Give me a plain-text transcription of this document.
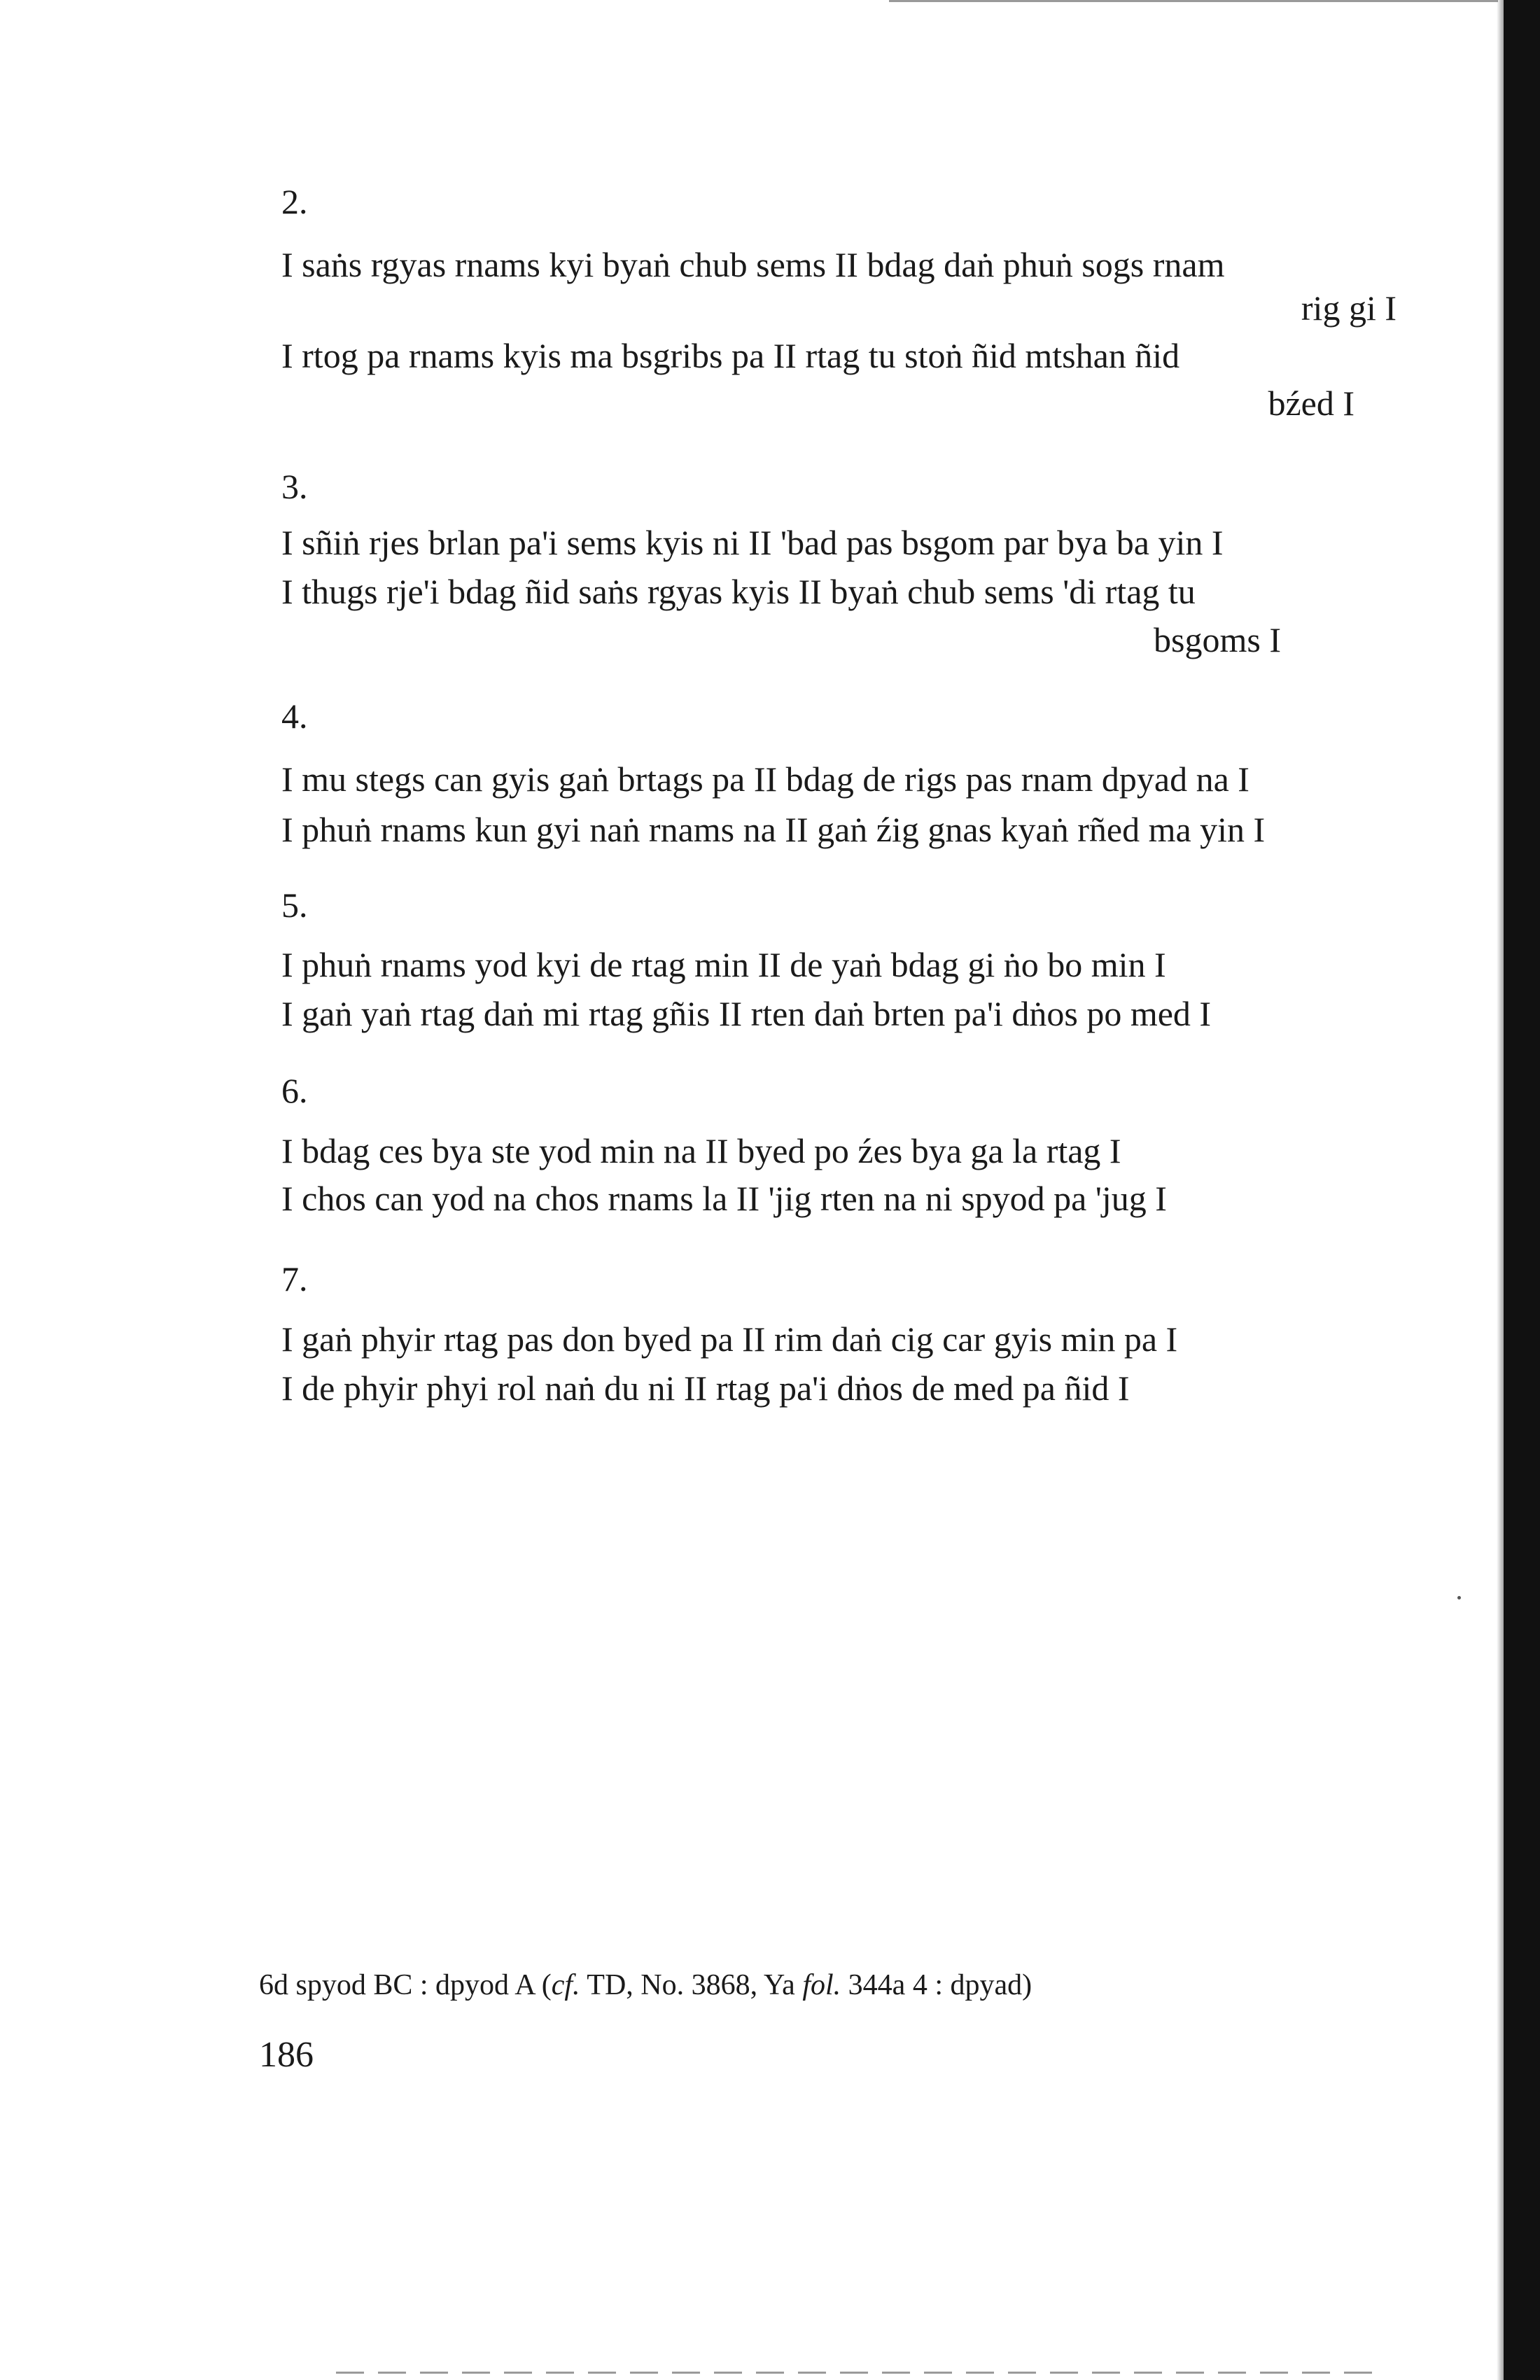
2.
I saṅs rgyas rnams kyi byaṅ chub sems II bdag daṅ phuṅ sogs rnam
rig gi I
I rtog pa rnams kyis ma bsgribs pa II rtag tu stoṅ ñid mtshan ñid
bźed I
3.
I sñiṅ rjes brlan pa'i sems kyis ni II 'bad pas bsgom par bya ba yin I
I thugs rje'i bdag ñid saṅs rgyas kyis II byaṅ chub sems 'di rtag tu
bsgoms I
4.
I mu stegs can gyis gaṅ brtags pa II bdag de rigs pas rnam dpyad na I
I phuṅ rnams kun gyi naṅ rnams na II gaṅ źig gnas kyaṅ rñed ma yin I
5.
I phuṅ rnams yod kyi de rtag min II de yaṅ bdag gi ṅo bo min I
I gaṅ yaṅ rtag daṅ mi rtag gñis II rten daṅ brten pa'i dṅos po med I
6.
I bdag ces bya ste yod min na II byed po źes bya ga la rtag I
I chos can yod na chos rnams la II 'jig rten na ni spyod pa 'jug I
7.
I gaṅ phyir rtag pas don byed pa II rim daṅ cig car gyis min pa I
I de phyir phyi rol naṅ du ni II rtag pa'i dṅos de med pa ñid I
6d spyod BC : dpyod A (cf. TD, No. 3868, Ya fol. 344a 4 : dpyad)
186
